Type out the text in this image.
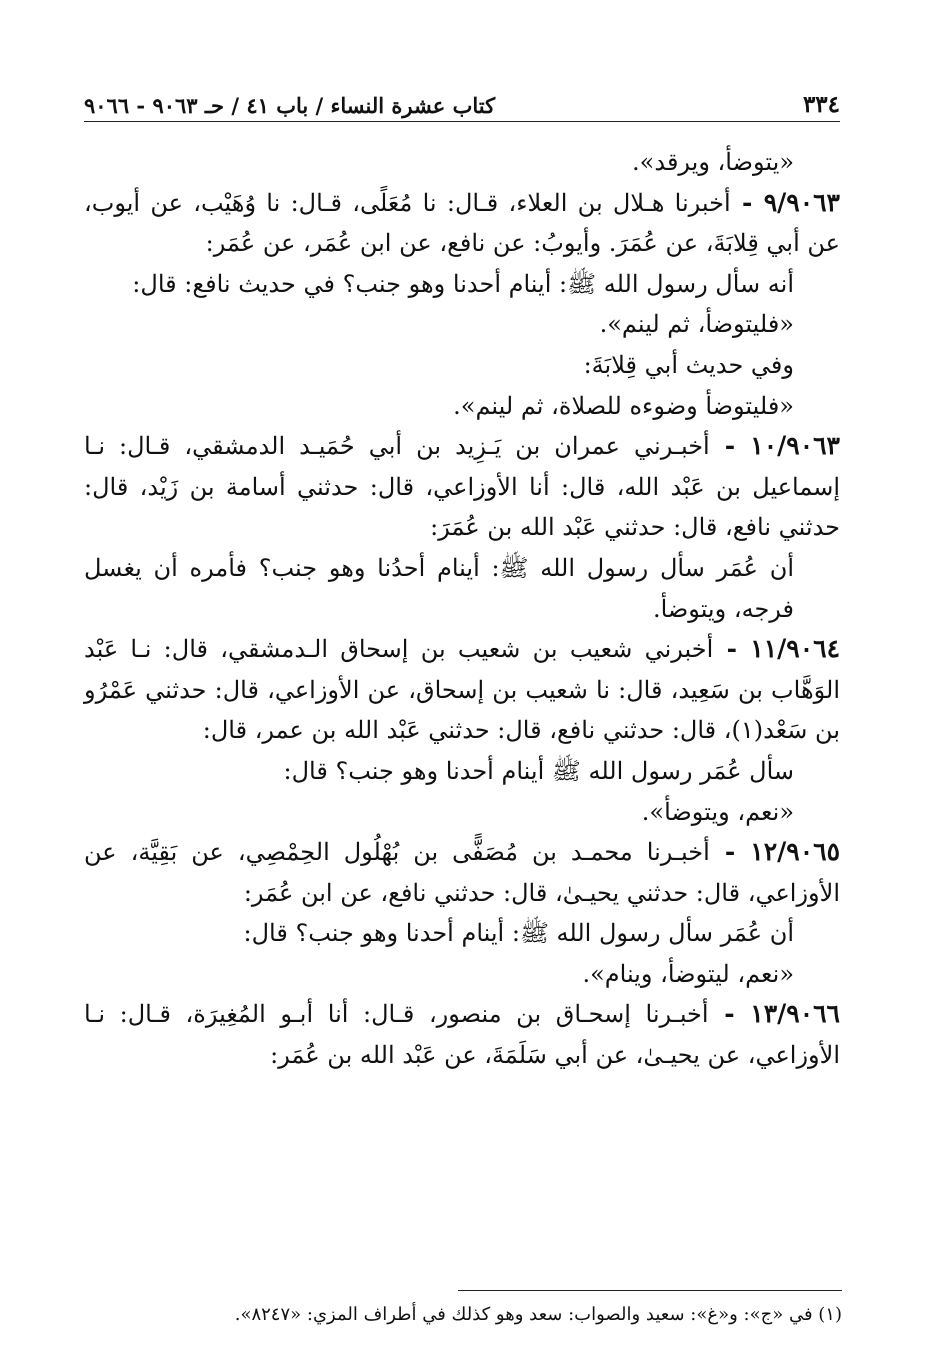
٣٣٤
كتاب عشرة النساء / باب ٤١ / حـ ٩٠٦٣ - ٩٠٦٦

«يتوضأ، ويرقد».

٩/٩٠٦٣ - أخبرنا هـلال بن العلاء، قـال: نا مُعَلًى، قـال: نا وُهَيْب، عن أيوب، عن أبي قِلابَةَ، عن عُمَرَ. وأيوبُ: عن نافع، عن ابن عُمَر، عن عُمَر:

أنه سأل رسول الله ﷺ: أينام أحدنا وهو جنب؟ في حديث نافع: قال:

«فليتوضأ، ثم لينم».

وفي حديث أبي قِلابَةَ:

«فليتوضأ وضوءه للصلاة، ثم لينم».

١٠/٩٠٦٣ - أخبـرني عمران بن يَـزِيد بن أبي حُمَيـد الدمشقي، قـال: نـا إسماعيل بن عَبْد الله، قال: أنا الأوزاعي، قال: حدثني أسامة بن زَيْد، قال: حدثني نافع، قال: حدثني عَبْد الله بن عُمَرَ:

أن عُمَر سأل رسول الله ﷺ: أينام أحدُنا وهو جنب؟ فأمره أن يغسل فرجه، ويتوضأ.

١١/٩٠٦٤ - أخبرني شعيب بن شعيب بن إسحاق الـدمشقي، قال: نـا عَبْد الوَهَّاب بن سَعِيد، قال: نا شعيب بن إسحاق، عن الأوزاعي، قال: حدثني عَمْرُو بن سَعْد(١)، قال: حدثني نافع، قال: حدثني عَبْد الله بن عمر، قال:

سأل عُمَر رسول الله ﷺ أينام أحدنا وهو جنب؟ قال:

«نعم، ويتوضأ».

١٢/٩٠٦٥ - أخبـرنا محمـد بن مُصَفًّى بن بُهْلُول الحِمْصِي، عن بَقِيَّة، عن الأوزاعي، قال: حدثني يحيـىٰ، قال: حدثني نافع، عن ابن عُمَر:

أن عُمَر سأل رسول الله ﷺ: أينام أحدنا وهو جنب؟ قال:

«نعم، ليتوضأ، وينام».

١٣/٩٠٦٦ - أخبـرنا إسحـاق بن منصور، قـال: أنا أبـو المُغِيرَة، قـال: نـا الأوزاعي، عن يحيـىٰ، عن أبي سَلَمَةَ، عن عَبْد الله بن عُمَر:

(١) في «ج»: و«غ»: سعيد والصواب: سعد وهو كذلك في أطراف المزي: «٨٢٤٧».
